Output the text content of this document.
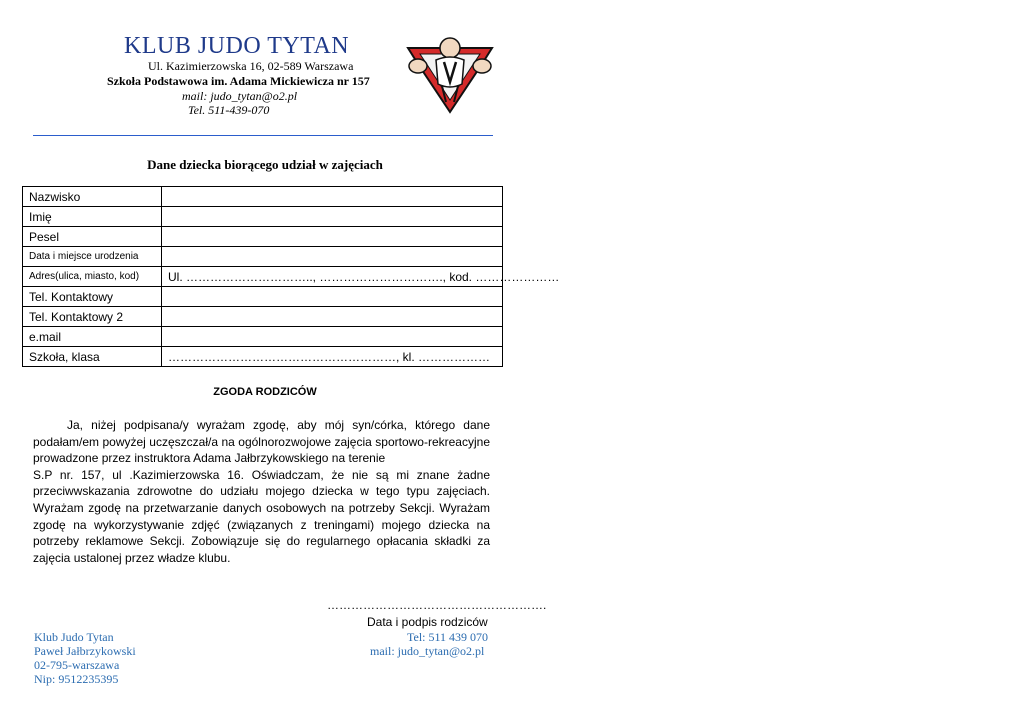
KLUB JUDO TYTAN
Ul. Kazimierzowska 16, 02-589 Warszawa
Szkoła Podstawowa im. Adama Mickiewicza nr 157
mail: judo_tytan@o2.pl
Tel. 511-439-070
Dane dziecka biorącego udział w zajęciach
Nazwisko	
Imię	
Pesel	
Data i miejsce urodzenia	
Adres(ulica, miasto, kod)	Ul. ………………………….., …………………………., kod. …………………
Tel. Kontaktowy	
Tel. Kontaktowy 2	
e.mail	
Szkoła, klasa	…………………………………………………, kl. ………………
ZGODA RODZICÓW

Ja, niżej podpisana/y wyrażam zgodę, aby mój syn/córka, którego dane podałam/em powyżej uczęszczał/a na ogólnorozwojowe zajęcia sportowo-rekreacyjne prowadzone przez instruktora Adama Jałbrzykowskiego na terenie

S.P nr. 157, ul .Kazimierzowska 16. Oświadczam, że nie są mi znane żadne przeciwwskazania zdrowotne do udziału mojego dziecka w tego typu zajęciach. Wyrażam zgodę na przetwarzanie danych osobowych na potrzeby Sekcji. Wyrażam zgodę na wykorzystywanie zdjęć (związanych z treningami) mojego dziecka na potrzeby reklamowe Sekcji. Zobowiązuje się do regularnego opłacania składki za zajęcia ustalonej przez władze klubu.

……………………………………………….
Data i podpis rodziców
Klub Judo Tytan
Paweł Jałbrzykowski
02-795-warszawa
Nip: 9512235395
Tel: 511 439 070
mail: judo_tytan@o2.pl
